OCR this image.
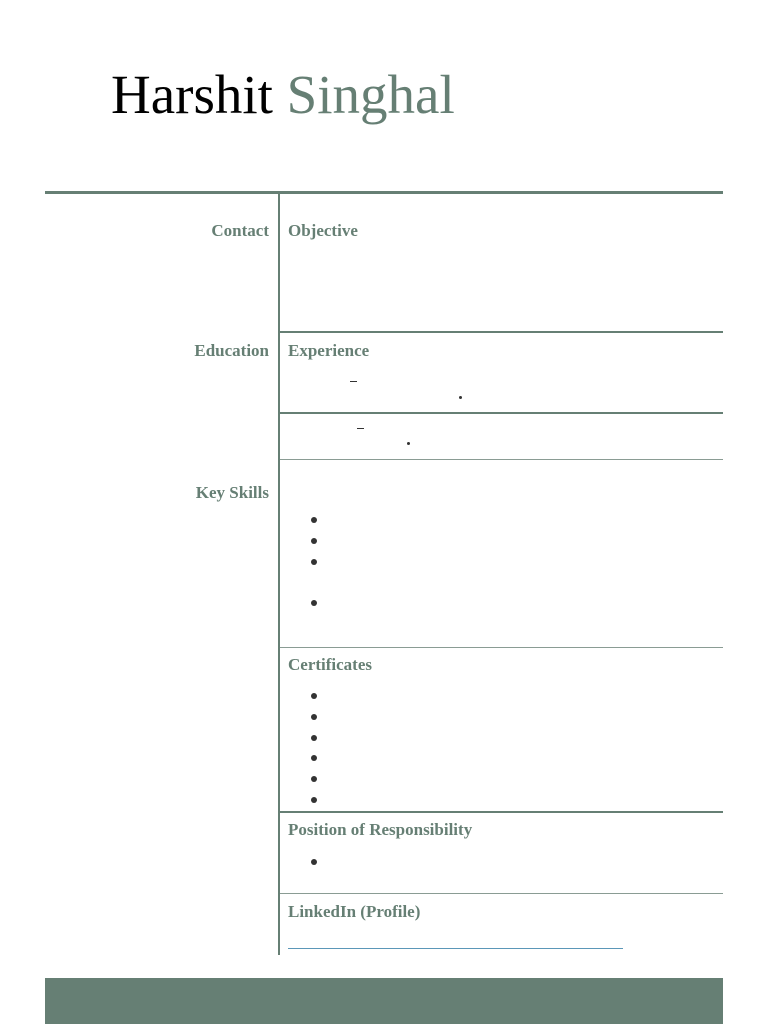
Harshit Singhal
Contact
Education
Key Skills
Objective
Experience
Certificates
Position of Responsibility
LinkedIn (Profile)
